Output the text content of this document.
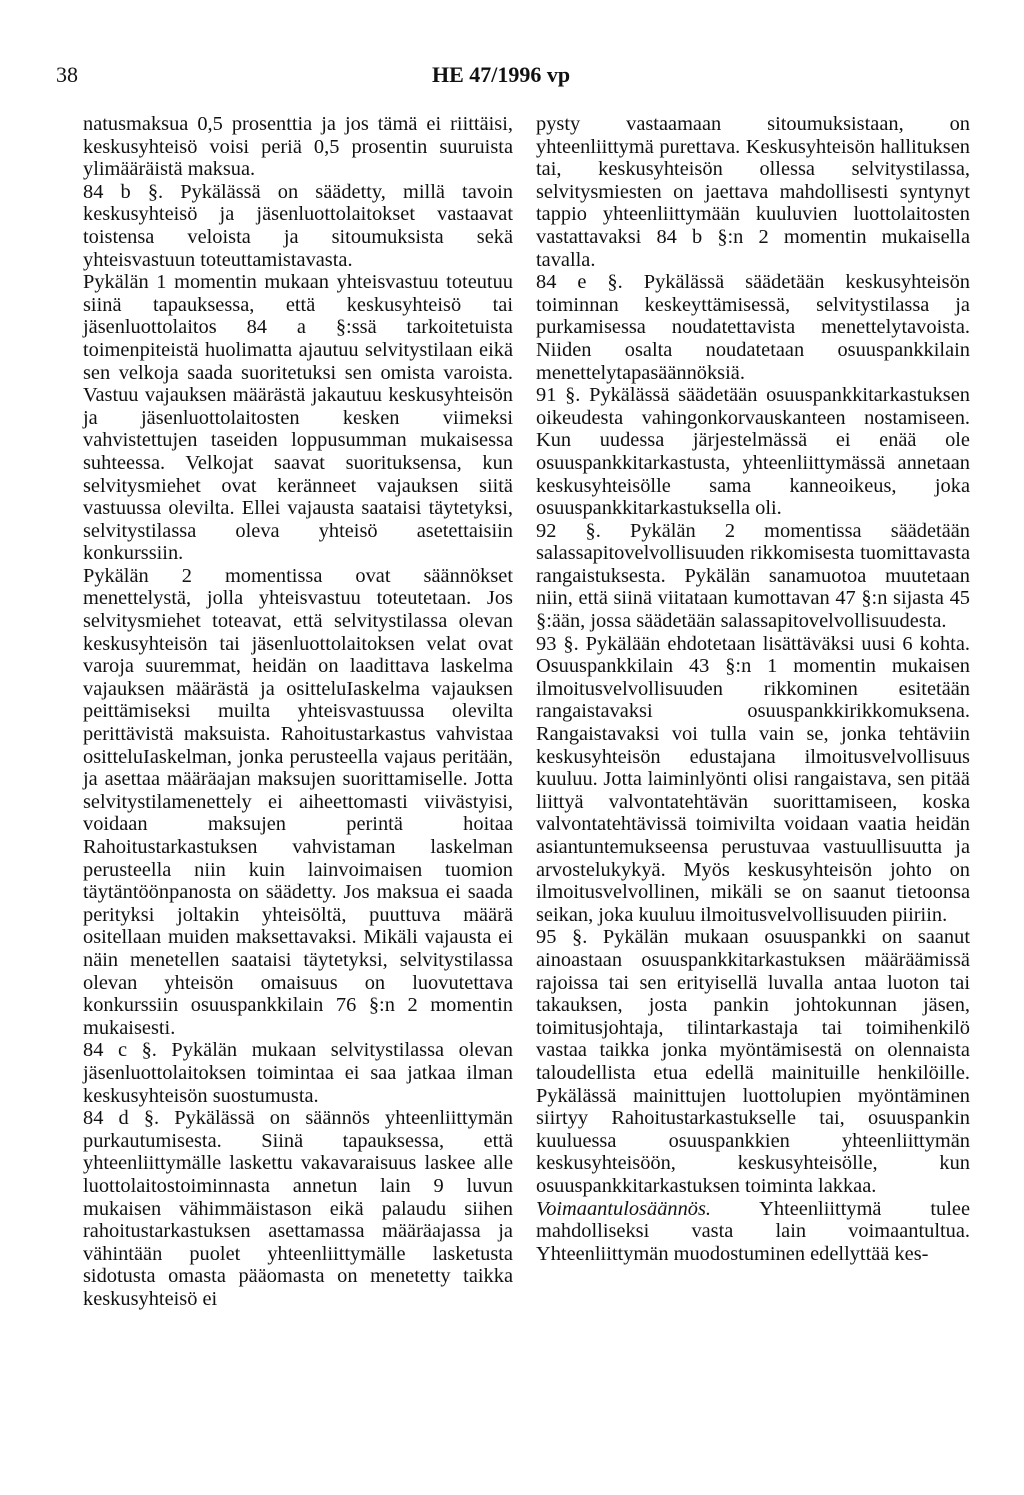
38	HE 47/1996 vp

natusmaksua 0,5 prosenttia ja jos tämä ei riittäisi, keskusyhteisö voisi periä 0,5 prosentin suuruista ylimääräistä maksua.

84 b §. Pykälässä on säädetty, millä tavoin keskusyhteisö ja jäsenluottolaitokset vastaavat toistensa veloista ja sitoumuksista sekä yhteisvastuun toteuttamistavasta.

Pykälän 1 momentin mukaan yhteisvastuu toteutuu siinä tapauksessa, että keskusyhteisö tai jäsenluottolaitos 84 a §:ssä tarkoitetuista toimenpiteistä huolimatta ajautuu selvitystilaan eikä sen velkoja saada suoritetuksi sen omista varoista. Vastuu vajauksen määrästä jakautuu keskusyhteisön ja jäsenluottolaitosten kesken viimeksi vahvistettujen taseiden loppusumman mukaisessa suhteessa. Velkojat saavat suorituksensa, kun selvitysmiehet ovat keränneet vajauksen siitä vastuussa olevilta. Ellei vajausta saataisi täytetyksi, selvitystilassa oleva yhteisö asetettaisiin konkurssiin.

Pykälän 2 momentissa ovat säännökset menettelystä, jolla yhteisvastuu toteutetaan. Jos selvitysmiehet toteavat, että selvitystilassa olevan keskusyhteisön tai jäsenluottolaitoksen velat ovat varoja suuremmat, heidän on laadittava laskelma vajauksen määrästä ja ositteluIaskelma vajauksen peittämiseksi muilta yhteisvastuussa olevilta perittävistä maksuista. Rahoitustarkastus vahvistaa ositteluIaskelman, jonka perusteella vajaus peritään, ja asettaa määräajan maksujen suorittamiselle. Jotta selvitystilamenettely ei aiheettomasti viivästyisi, voidaan maksujen perintä hoitaa Rahoitustarkastuksen vahvistaman laskelman perusteella niin kuin lainvoimaisen tuomion täytäntöönpanosta on säädetty. Jos maksua ei saada perityksi joltakin yhteisöltä, puuttuva määrä ositellaan muiden maksettavaksi. Mikäli vajausta ei näin menetellen saataisi täytetyksi, selvitystilassa olevan yhteisön omaisuus on luovutettava konkurssiin osuuspankkilain 76 §:n 2 momentin mukaisesti.

84 c §. Pykälän mukaan selvitystilassa olevan jäsenluottolaitoksen toimintaa ei saa jatkaa ilman keskusyhteisön suostumusta.

84 d §. Pykälässä on säännös yhteenliittymän purkautumisesta. Siinä tapauksessa, että yhteenliittymälle laskettu vakavaraisuus laskee alle luottolaitostoiminnasta annetun lain 9 luvun mukaisen vähimmäistason eikä palaudu siihen rahoitustarkastuksen asettamassa määräajassa ja vähintään puolet yhteenliittymälle lasketusta sidotusta omasta pääomasta on menetetty taikka keskusyhteisö ei

pysty vastaamaan sitoumuksistaan, on yhteenliittymä purettava. Keskusyhteisön hallituksen tai, keskusyhteisön ollessa selvitystilassa, selvitysmiesten on jaettava mahdollisesti syntynyt tappio yhteenliittymään kuuluvien luottolaitosten vastattavaksi 84 b §:n 2 momentin mukaisella tavalla.

84 e §. Pykälässä säädetään keskusyhteisön toiminnan keskeyttämisessä, selvitystilassa ja purkamisessa noudatettavista menettelytavoista. Niiden osalta noudatetaan osuuspankkilain menettelytapasäännöksiä.

91 §. Pykälässä säädetään osuuspankkitarkastuksen oikeudesta vahingonkorvauskanteen nostamiseen. Kun uudessa järjestelmässä ei enää ole osuuspankkitarkastusta, yhteenliittymässä annetaan keskusyhteisölle sama kanneoikeus, joka osuuspankkitarkastuksella oli.

92 §. Pykälän 2 momentissa säädetään salassapitovelvollisuuden rikkomisesta tuomittavasta rangaistuksesta. Pykälän sanamuotoa muutetaan niin, että siinä viitataan kumottavan 47 §:n sijasta 45 §:ään, jossa säädetään salassapitovelvollisuudesta.

93 §. Pykälään ehdotetaan lisättäväksi uusi 6 kohta. Osuuspankkilain 43 §:n 1 momentin mukaisen ilmoitusvelvollisuuden rikkominen esitetään rangaistavaksi osuuspankkirikkomuksena. Rangaistavaksi voi tulla vain se, jonka tehtäviin keskusyhteisön edustajana ilmoitusvelvollisuus kuuluu. Jotta laiminlyönti olisi rangaistava, sen pitää liittyä valvontatehtävän suorittamiseen, koska valvontatehtävissä toimivilta voidaan vaatia heidän asiantuntemukseensa perustuvaa vastuullisuutta ja arvostelukykyä. Myös keskusyhteisön johto on ilmoitusvelvollinen, mikäli se on saanut tietoonsa seikan, joka kuuluu ilmoitusvelvollisuuden piiriin.

95 §. Pykälän mukaan osuuspankki on saanut ainoastaan osuuspankkitarkastuksen määräämissä rajoissa tai sen erityisellä luvalla antaa luoton tai takauksen, josta pankin johtokunnan jäsen, toimitusjohtaja, tilintarkastaja tai toimihenkilö vastaa taikka jonka myöntämisestä on olennaista taloudellista etua edellä mainituille henkilöille. Pykälässä mainittujen luottolupien myöntäminen siirtyy Rahoitustarkastukselle tai, osuuspankin kuuluessa osuuspankkien yhteenliittymän keskusyhteisöön, keskusyhteisölle, kun osuuspankkitarkastuksen toiminta lakkaa.

Voimaantulosäännös. Yhteenliittymä tulee mahdolliseksi vasta lain voimaantultua. Yhteenliittymän muodostuminen edellyttää kes-
